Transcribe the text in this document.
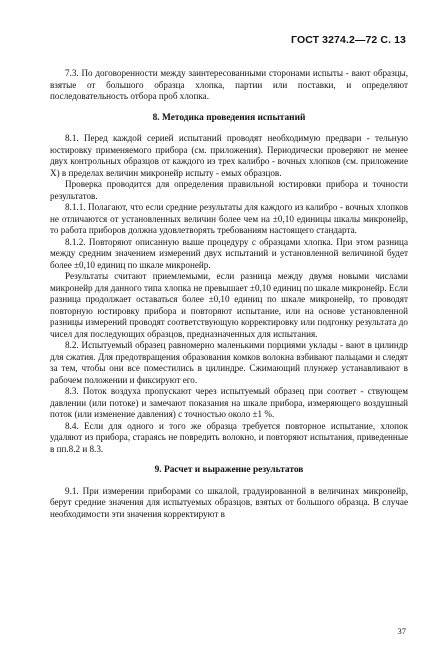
ГОСТ 3274.2—72 С. 13

7.3. По договоренности между заинтересованными сторонами испыты - вают образцы, взятые от большого образца хлопка, партии или поставки, и определяют последовательность отбора проб хлопка.

8. Методика проведения испытаний

8.1. Перед каждой серией испытаний проводят необходимую предвари - тельную юстировку применяемого прибора (см. приложения). Периодически проверяют не менее двух контрольных образцов от каждого из трех калибро - вочных хлопков (см. приложение X) в пределах величин микронейр испыту - емых образцов.

Проверка проводится для определения правильной юстировки прибора и точности результатов.

8.1.1. Полагают, что если средние результаты для каждого из калибро - вочных хлопков не отличаются от установленных величин более чем на ±0,10 единицы шкалы микронейр, то работа приборов должна удовлетворять требованиям настоящего стандарта.

8.1.2. Повторяют описанную выше процедуру с образцами хлопка. При этом разница между средним значением измерений двух испытаний и установленной величиной будет более ±0,10 единиц по шкале микронейр.

Результаты считают приемлемыми, если разница между двумя новыми числами микронейр для данного типа хлопка не превышает ±0,10 единиц по шкале микронейр. Если разница продолжает оставаться более ±0,10 единиц по шкале микронейр, то проводят повторную юстировку прибора и повторяют испытание, или на основе установленной разницы измерений проводят соответствующую корректировку или подгонку результата до чисел для последующих образцов, предназначенных для испытания.

8.2. Испытуемый образец равномерно маленькими порциями уклады - вают в цилиндр для сжатия. Для предотвращения образования комков волокна взбивают пальцами и следят за тем, чтобы они все поместились в цилиндре. Сжимающий плунжер устанавливают в рабочем положении и фиксируют его.

8.3. Поток воздуха пропускают через испытуемый образец при соответ - ствующем давлении (или потоке) и замечают показания на шкале прибора, измеряющего воздушный поток (или изменение давления) с точностью около ±1 %.

8.4. Если для одного и того же образца требуется повторное испытание, хлопок удаляют из прибора, стараясь не повредить волокно, и повторяют испытания, приведенные в пп.8.2 и 8.3.

9. Расчет и выражение результатов

9.1. При измерении приборами со шкалой, градуированной в величинах микронейр, берут средние значения для испытуемых образцов, взятых от большого образца. В случае необходимости эти значения корректируют в

37
